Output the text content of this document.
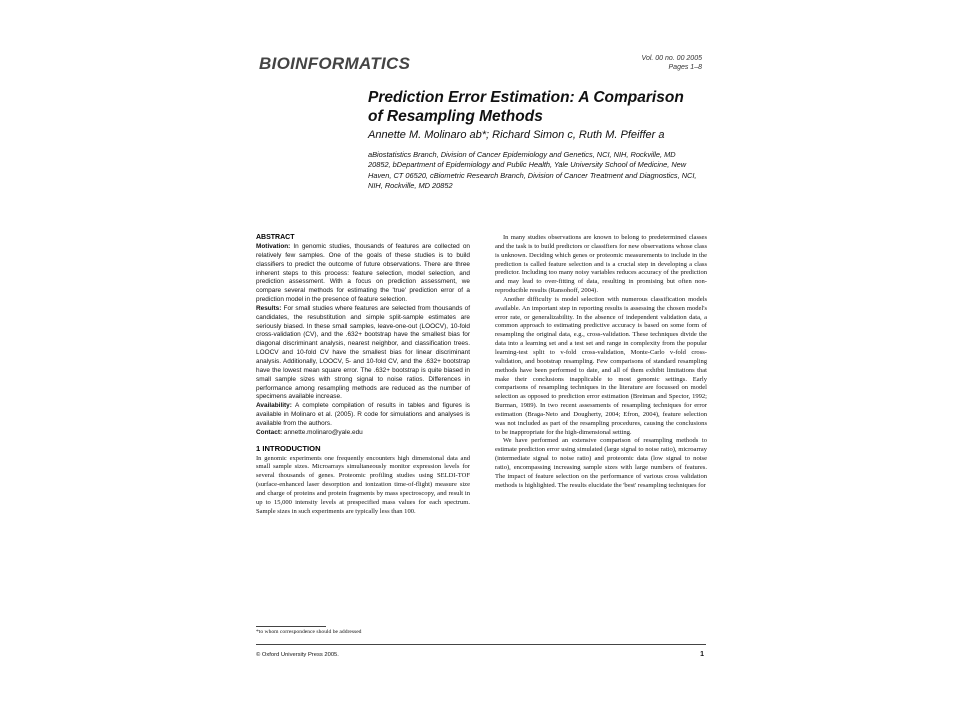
BIOINFORMATICS	Vol. 00 no. 00 2005
Pages 1–8
Prediction Error Estimation: A Comparison of Resampling Methods
Annette M. Molinaro ab*; Richard Simon c, Ruth M. Pfeiffer a
aBiostatistics Branch, Division of Cancer Epidemiology and Genetics, NCI, NIH, Rockville, MD 20852, bDepartment of Epidemiology and Public Health, Yale University School of Medicine, New Haven, CT 06520, cBiometric Research Branch, Division of Cancer Treatment and Diagnostics, NCI, NIH, Rockville, MD 20852

ABSTRACT

Motivation: In genomic studies, thousands of features are collected on relatively few samples. One of the goals of these studies is to build classifiers to predict the outcome of future observations. There are three inherent steps to this process: feature selection, model selection, and prediction assessment. With a focus on prediction assessment, we compare several methods for estimating the 'true' prediction error of a prediction model in the presence of feature selection.

Results: For small studies where features are selected from thousands of candidates, the resubstitution and simple split-sample estimates are seriously biased. In these small samples, leave-one-out (LOOCV), 10-fold cross-validation (CV), and the .632+ bootstrap have the smallest bias for diagonal discriminant analysis, nearest neighbor, and classification trees. LOOCV and 10-fold CV have the smallest bias for linear discriminant analysis. Additionally, LOOCV, 5- and 10-fold CV, and the .632+ bootstrap have the lowest mean square error. The .632+ bootstrap is quite biased in small sample sizes with strong signal to noise ratios. Differences in performance among resampling methods are reduced as the number of specimens available increase.

Availability: A complete compilation of results in tables and figures is available in Molinaro et al. (2005). R code for simulations and analyses is available from the authors.

Contact: annette.molinaro@yale.edu

1 INTRODUCTION

In genomic experiments one frequently encounters high dimensional data and small sample sizes. Microarrays simultaneously monitor expression levels for several thousands of genes. Proteomic profiling studies using SELDI-TOF (surface-enhanced laser desorption and ionization time-of-flight) measure size and charge of proteins and protein fragments by mass spectroscopy, and result in up to 15,000 intensity levels at prespecified mass values for each spectrum. Sample sizes in such experiments are typically less than 100.

In many studies observations are known to belong to predetermined classes and the task is to build predictors or classifiers for new observations whose class is unknown. Deciding which genes or proteomic measurements to include in the prediction is called feature selection and is a crucial step in developing a class predictor. Including too many noisy variables reduces accuracy of the prediction and may lead to over-fitting of data, resulting in promising but often non-reproducible results (Ransohoff, 2004).

Another difficulty is model selection with numerous classification models available. An important step in reporting results is assessing the chosen model's error rate, or generalizability. In the absence of independent validation data, a common approach to estimating predictive accuracy is based on some form of resampling the original data, e.g., cross-validation. These techniques divide the data into a learning set and a test set and range in complexity from the popular learning-test split to v-fold cross-validation, Monte-Carlo v-fold cross-validation, and bootstrap resampling. Few comparisons of standard resampling methods have been performed to date, and all of them exhibit limitations that make their conclusions inapplicable to most genomic settings. Early comparisons of resampling techniques in the literature are focussed on model selection as opposed to prediction error estimation (Breiman and Spector, 1992; Burman, 1989). In two recent assessments of resampling techniques for error estimation (Braga-Neto and Dougherty, 2004; Efron, 2004), feature selection was not included as part of the resampling procedures, causing the conclusions to be inappropriate for the high-dimensional setting.

We have performed an extensive comparison of resampling methods to estimate prediction error using simulated (large signal to noise ratio), microarray (intermediate signal to noise ratio) and proteomic data (low signal to noise ratio), encompassing increasing sample sizes with large numbers of features. The impact of feature selection on the performance of various cross validation methods is highlighted. The results elucidate the 'best' resampling techniques for

*to whom correspondence should be addressed
© Oxford University Press 2005.	1
